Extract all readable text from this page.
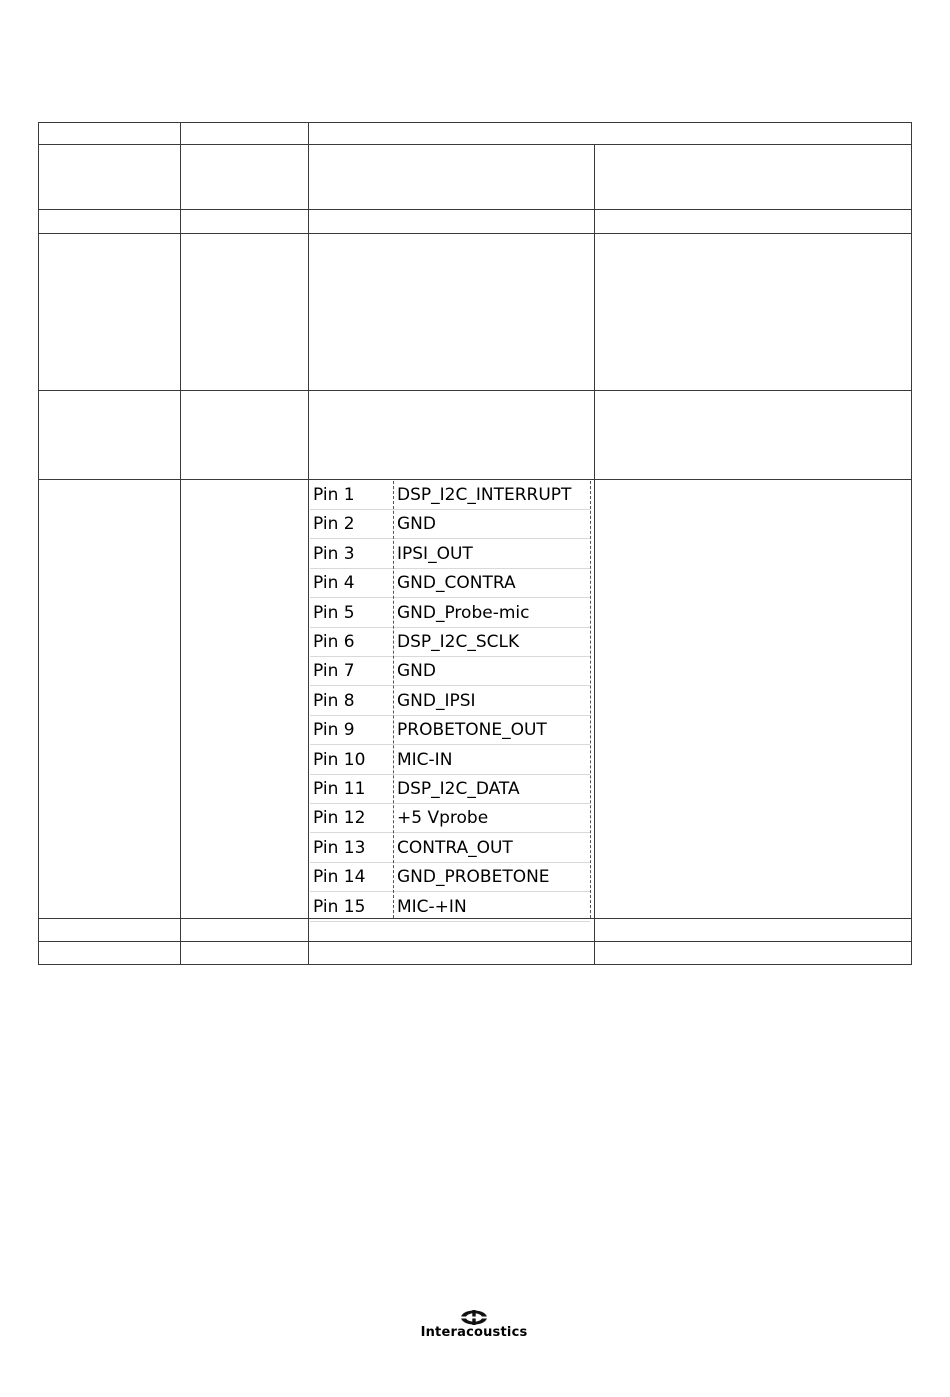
Pin 1 DSP_I2C_INTERRUPT
Pin 2 GND
Pin 3 IPSI_OUT
Pin 4 GND_CONTRA
Pin 5 GND_Probe-mic
Pin 6 DSP_I2C_SCLK
Pin 7 GND
Pin 8 GND_IPSI
Pin 9 PROBETONE_OUT
Pin 10 MIC-IN
Pin 11 DSP_I2C_DATA
Pin 12 +5 Vprobe
Pin 13 CONTRA_OUT
Pin 14 GND_PROBETONE
Pin 15 MIC-+IN
Interacoustics
